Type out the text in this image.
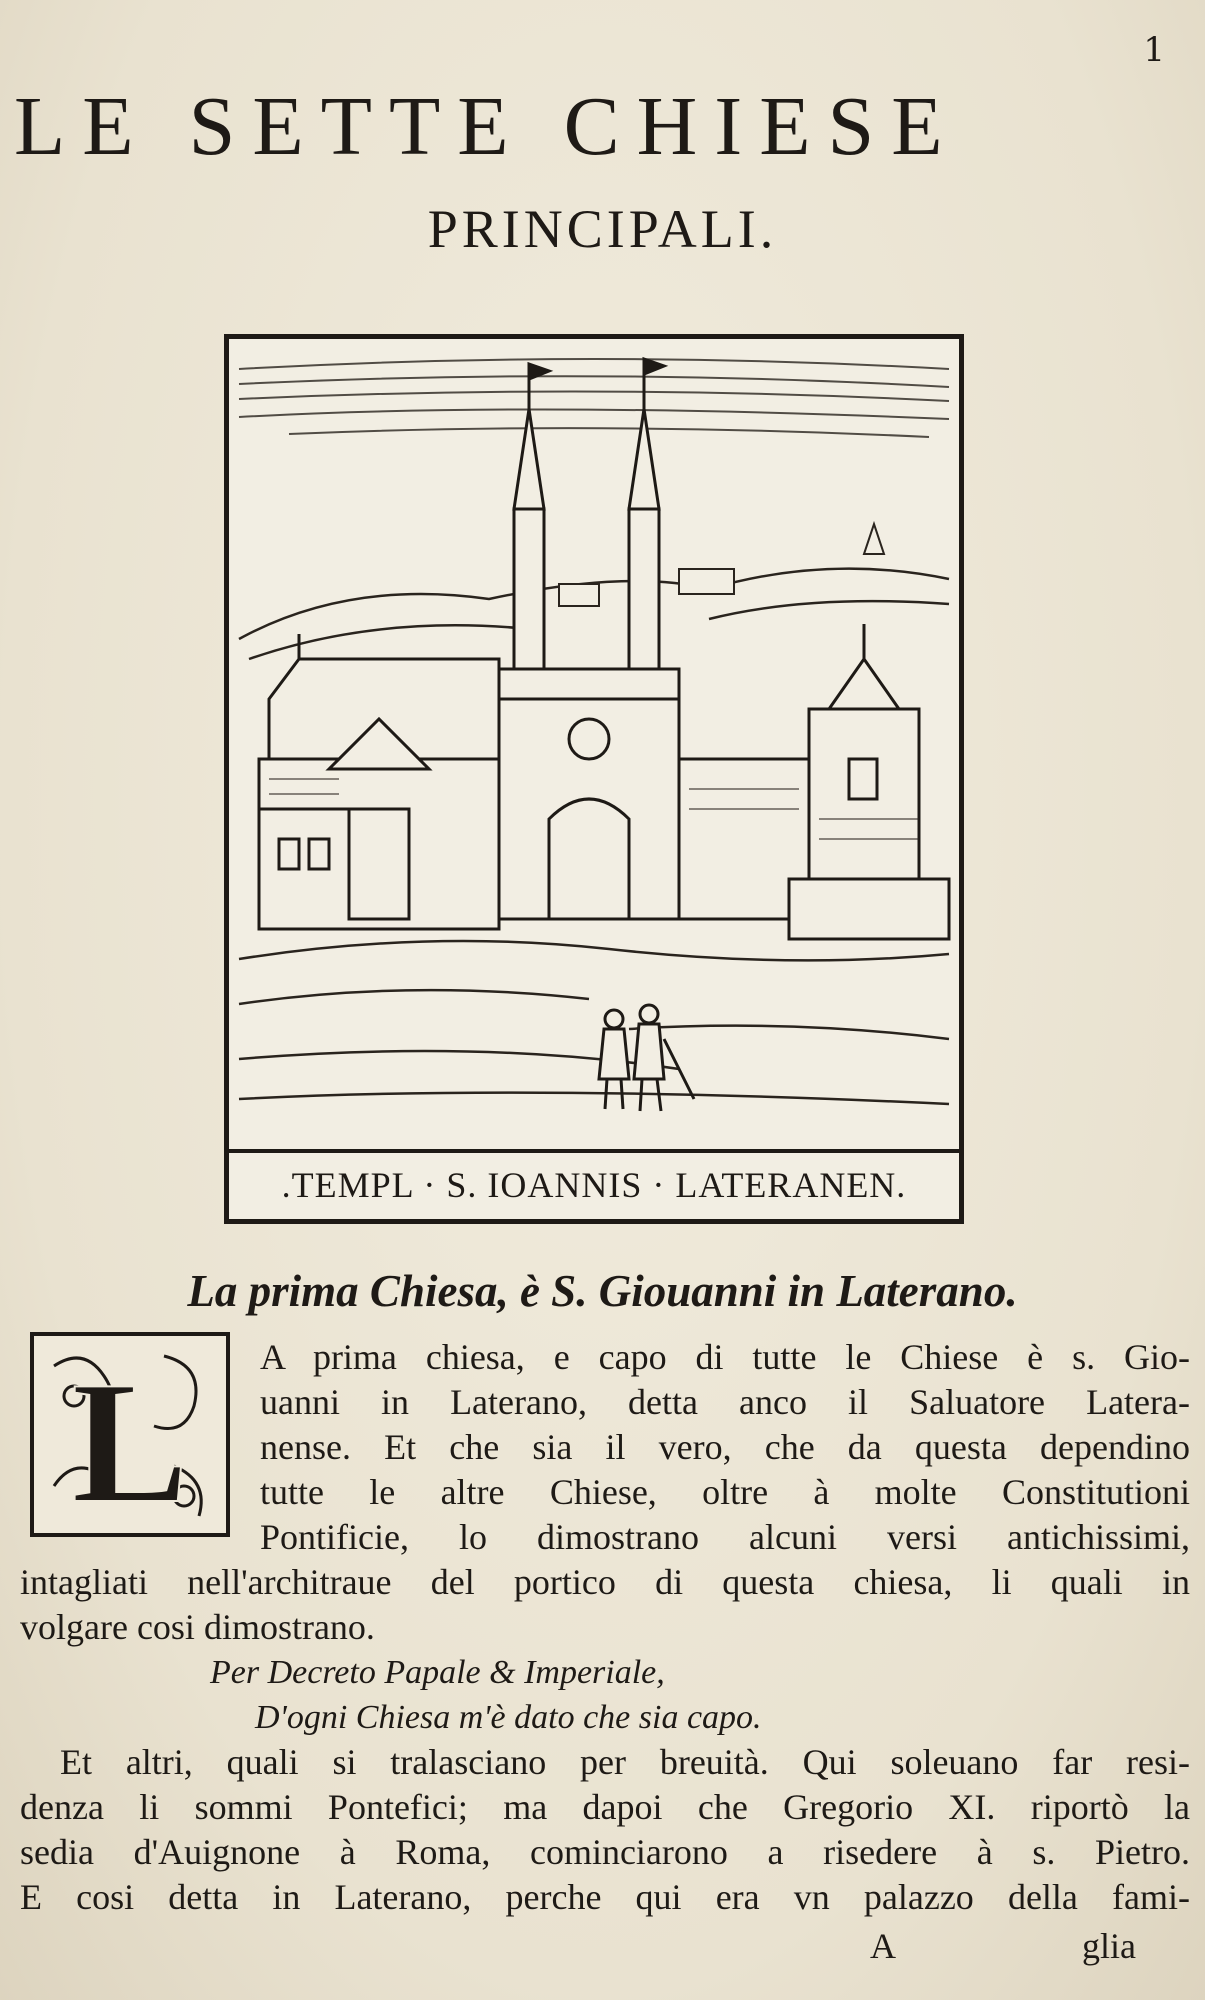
1
LE SETTE CHIESE
PRINCIPALI.
.TEMPL · S. IOANNIS · LATERANEN.
La prima Chiesa, è S. Giouanni in Laterano.
L	A prima chiesa, e capo di tutte le Chiese è s. Gio-
uanni in Laterano, detta anco il Saluatore Latera-
nense. Et che sia il vero, che da questa dependino
tutte le altre Chiese, oltre à molte Constitutioni
Pontificie, lo dimostrano alcuni versi antichissimi,
intagliati nell'architraue del portico di questa chiesa, li quali in
volgare cosi dimostrano.
Per Decreto Papale & Imperiale,
D'ogni Chiesa m'è dato che sia capo.
Et altri, quali si tralasciano per breuità. Qui soleuano far resi-
denza li sommi Pontefici; ma dapoi che Gregorio XI. riportò la
sedia d'Auignone à Roma, cominciarono a risedere à s. Pietro.
E cosi detta in Laterano, perche qui era vn palazzo della fami-
A	glia
